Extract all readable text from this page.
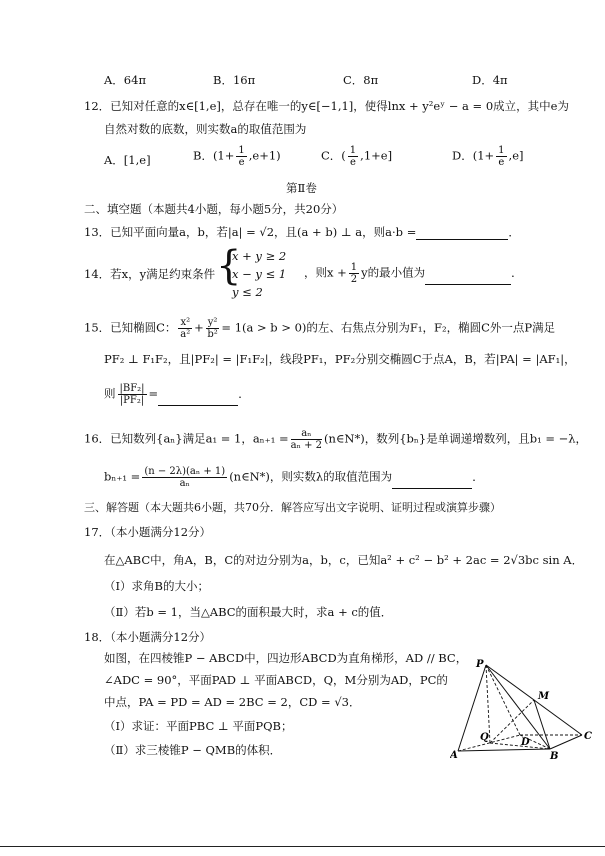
A．64π	B．16π	C．8π	D．4π
12．已知对任意的x∈[1,e]，总存在唯一的y∈[−1,1]，使得lnx + y²eʸ − a = 0成立，其中e为
自然对数的底数，则实数a的取值范围为
A．[1,e]	B．$(1+ \frac{1}{e} ,e+1)$	C．( $\frac{1}{e} ,1+e$]	D．$(1+ \frac{1}{e} ,e]$
第Ⅱ卷
二、填空题（本题共4小题，每小题5分，共20分）
13．已知平面向量a，b，若|a| = √2，且(a + b) ⊥ a，则a·b =	．
14．若x，y满足约束条件 {
x + y ≥ 2
x − y ≤ 1
y ≤ 2
，则$x + \frac{1}{2}$ y的最小值为	．
15．已知椭圆C： $\frac{\text{x²}}{\text{a²}} + \frac{\text{y²}}{\text{b²}} = 1(a > b > 0)$的左、右焦点分别为F₁，F₂，椭圆C外一点P满足
PF₂ ⊥ F₁F₂，且|PF₂| = |F₁F₂|，线段PF₁，PF₂分别交椭圆C于点A，B，若|PA| = |AF₁|，
则 $\frac{\text{|BF₂|}}{\text{|PF₂|}}$ =	．
16．已知数列{aₙ}满足a₁ = 1，$a_{n+1} = \frac{\text{aₙ}}{\text{aₙ + 2}}$ (n∈N*)，数列{bₙ}是单调递增数列，且b₁ = −λ，
$b_{n+1} = \frac{\text{(n − 2λ)(aₙ + 1)}}{\text{aₙ}}$ (n∈N*)，则实数λ的取值范围为	．
三、解答题（本大题共6小题，共70分．解答应写出文字说明、证明过程或演算步骤）
17．（本小题满分12分）
在△ABC中，角A，B，C的对边分别为a，b，c，已知a² + c² − b² + 2ac = 2√3bc sin A．
（Ⅰ）求角B的大小；
（Ⅱ）若b = 1，当△ABC的面积最大时，求a + c的值．
18．（本小题满分12分）
如图，在四棱锥P − ABCD中，四边形ABCD为直角梯形，AD // BC，
∠ADC = 90°，平面PAD ⊥ 平面ABCD，Q，M分别为AD，PC的
中点，PA = PD = AD = 2BC = 2，CD = √3．
（Ⅰ）求证：平面PBC ⊥ 平面PQB；
（Ⅱ）求三棱锥P − QMB的体积．
P
M
Q	D
C
A	B
